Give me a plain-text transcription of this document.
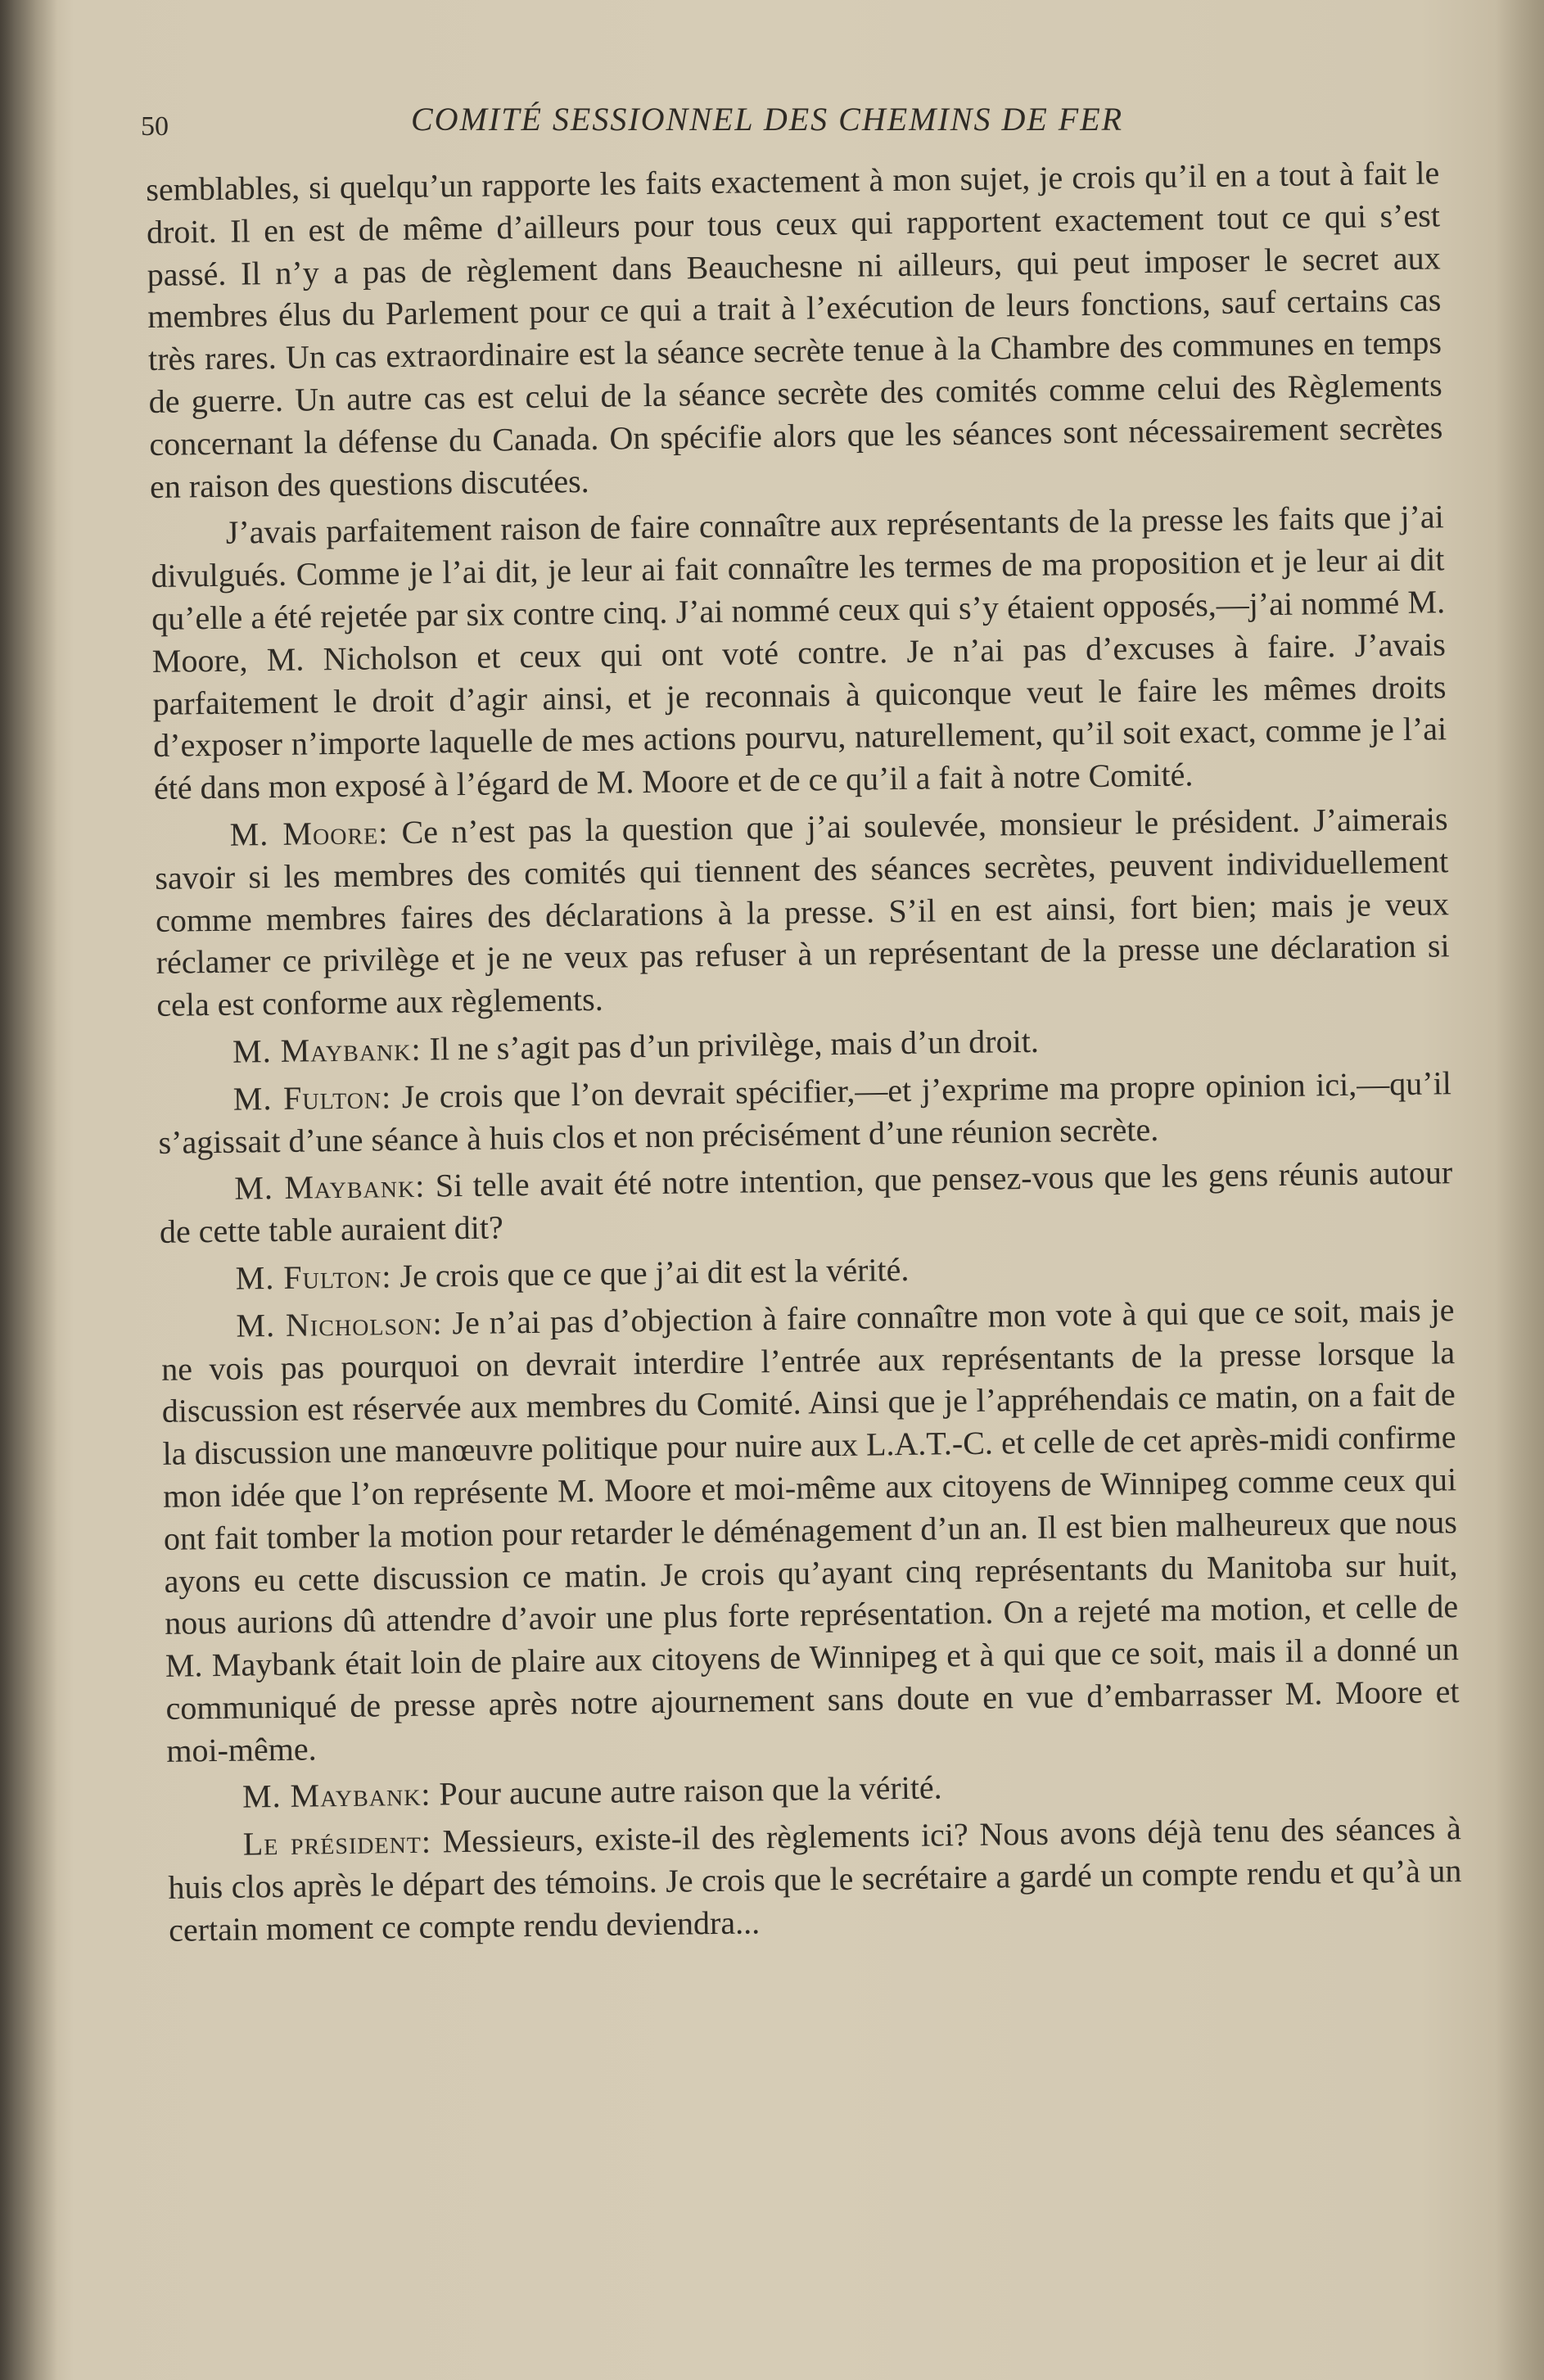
50	COMITÉ SESSIONNEL DES CHEMINS DE FER

semblables, si quelqu’un rapporte les faits exactement à mon sujet, je crois qu’il en a tout à fait le droit. Il en est de même d’ailleurs pour tous ceux qui rapportent exactement tout ce qui s’est passé. Il n’y a pas de règlement dans Beauchesne ni ailleurs, qui peut imposer le secret aux membres élus du Parlement pour ce qui a trait à l’exécution de leurs fonctions, sauf certains cas très rares. Un cas extraordinaire est la séance secrète tenue à la Chambre des communes en temps de guerre. Un autre cas est celui de la séance secrète des comités comme celui des Règlements concernant la défense du Canada. On spécifie alors que les séances sont nécessairement secrètes en raison des questions discutées.

J’avais parfaitement raison de faire connaître aux représentants de la presse les faits que j’ai divulgués. Comme je l’ai dit, je leur ai fait connaître les termes de ma proposition et je leur ai dit qu’elle a été rejetée par six contre cinq. J’ai nommé ceux qui s’y étaient opposés,—j’ai nommé M. Moore, M. Nicholson et ceux qui ont voté contre. Je n’ai pas d’excuses à faire. J’avais parfaitement le droit d’agir ainsi, et je reconnais à quiconque veut le faire les mêmes droits d’exposer n’importe laquelle de mes actions pourvu, naturellement, qu’il soit exact, comme je l’ai été dans mon exposé à l’égard de M. Moore et de ce qu’il a fait à notre Comité.

M. Moore: Ce n’est pas la question que j’ai soulevée, monsieur le président. J’aimerais savoir si les membres des comités qui tiennent des séances secrètes, peuvent individuellement comme membres faires des déclarations à la presse. S’il en est ainsi, fort bien; mais je veux réclamer ce privilège et je ne veux pas refuser à un représentant de la presse une déclaration si cela est conforme aux règlements.

M. Maybank: Il ne s’agit pas d’un privilège, mais d’un droit.

M. Fulton: Je crois que l’on devrait spécifier,—et j’exprime ma propre opinion ici,—qu’il s’agissait d’une séance à huis clos et non précisément d’une réunion secrète.

M. Maybank: Si telle avait été notre intention, que pensez-vous que les gens réunis autour de cette table auraient dit?

M. Fulton: Je crois que ce que j’ai dit est la vérité.

M. Nicholson: Je n’ai pas d’objection à faire connaître mon vote à qui que ce soit, mais je ne vois pas pourquoi on devrait interdire l’entrée aux représentants de la presse lorsque la discussion est réservée aux membres du Comité. Ainsi que je l’appréhendais ce matin, on a fait de la discussion une manœuvre politique pour nuire aux L.A.T.-C. et celle de cet après-midi confirme mon idée que l’on représente M. Moore et moi-même aux citoyens de Winnipeg comme ceux qui ont fait tomber la motion pour retarder le déménagement d’un an. Il est bien malheureux que nous ayons eu cette discussion ce matin. Je crois qu’ayant cinq représentants du Manitoba sur huit, nous aurions dû attendre d’avoir une plus forte représentation. On a rejeté ma motion, et celle de M. Maybank était loin de plaire aux citoyens de Winnipeg et à qui que ce soit, mais il a donné un communiqué de presse après notre ajournement sans doute en vue d’embarrasser M. Moore et moi-même.

M. Maybank: Pour aucune autre raison que la vérité.

Le président: Messieurs, existe-il des règlements ici? Nous avons déjà tenu des séances à huis clos après le départ des témoins. Je crois que le secrétaire a gardé un compte rendu et qu’à un certain moment ce compte rendu deviendra...
